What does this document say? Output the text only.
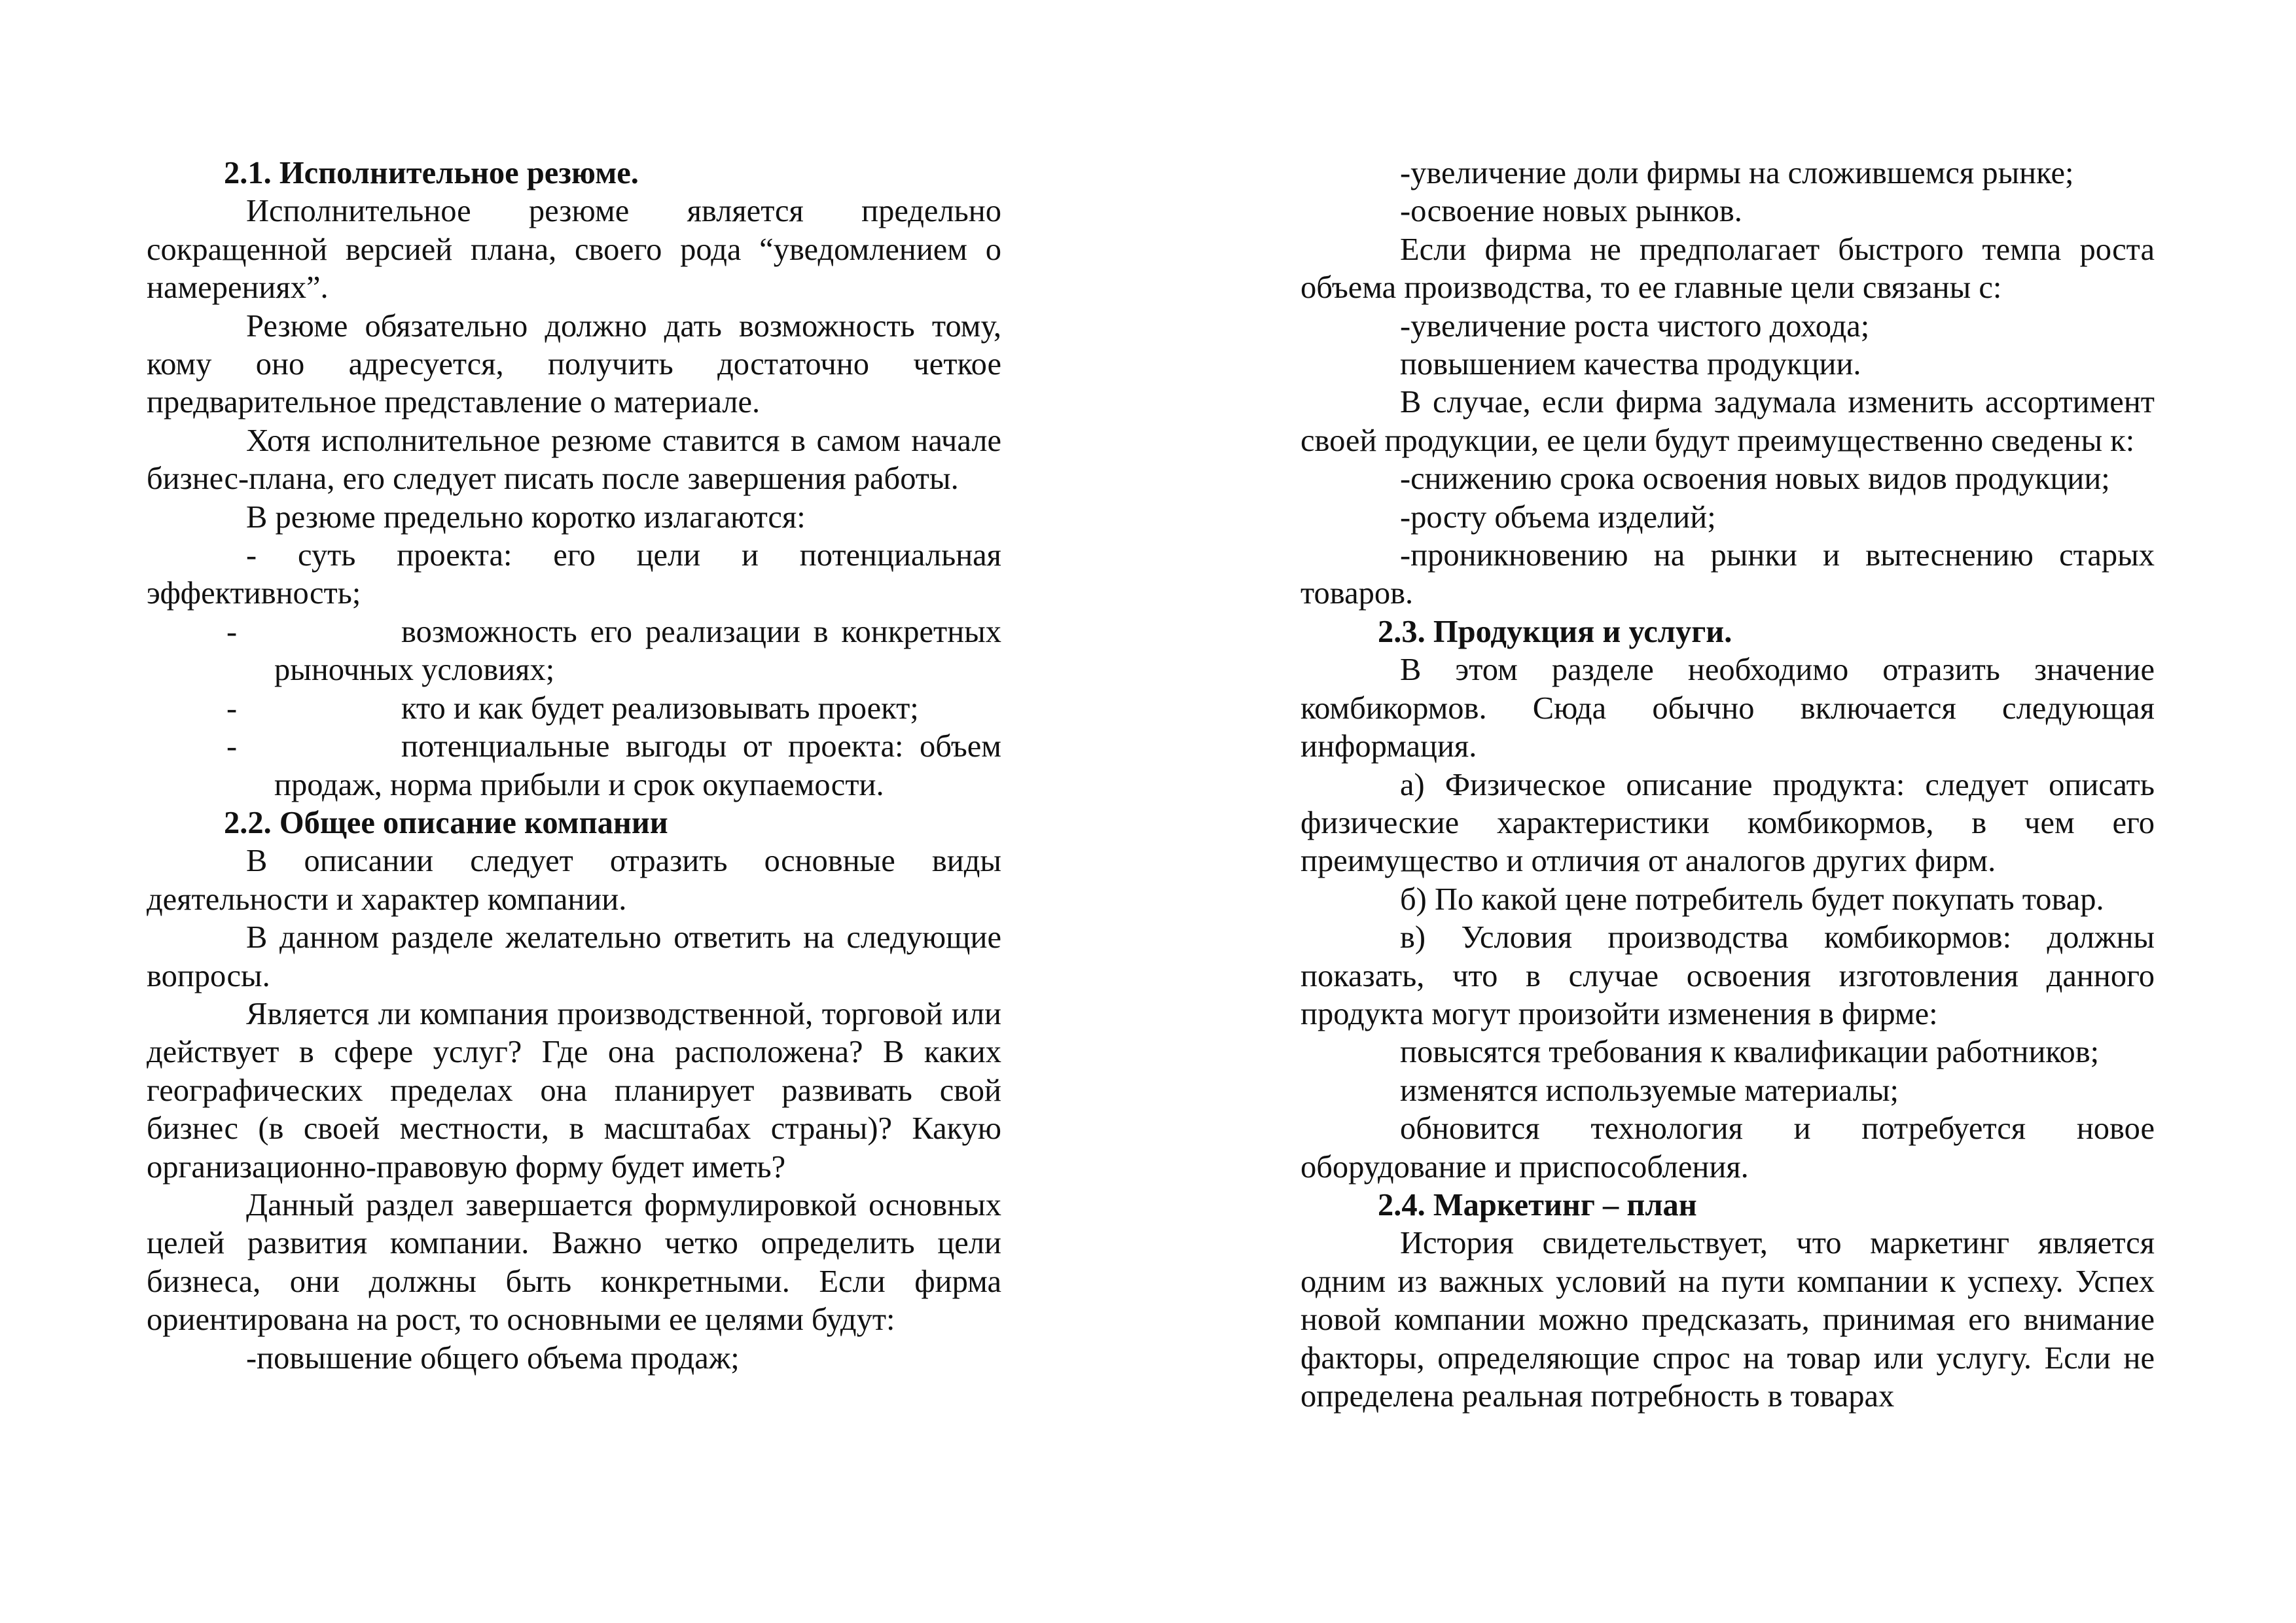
2.1. Исполнительное резюме.

Исполнительное резюме является предельно сокращенной версией плана, своего рода “уведомлением о намерениях”.

Резюме обязательно должно дать возможность тому, кому оно адресуется, получить достаточно четкое предварительное представление о материале.

Хотя исполнительное резюме ставится в самом начале бизнес-плана, его следует писать после завершения работы.

В резюме предельно коротко излагаются:

- суть проекта: его цели и потенциальная эффективность;

-	возможность его реализации в конкретных рыночных условиях;
-	кто и как будет реализовывать проект;
-	потенциальные выгоды от проекта: объем продаж, норма прибыли и срок окупаемости.

2.2. Общее описание компании

В описании следует отразить основные виды деятельности и характер компании.

В данном разделе желательно ответить на следующие вопросы.

Является ли компания производственной, торговой или действует в сфере услуг? Где она расположена? В каких географических пределах она планирует развивать свой бизнес (в своей местности, в масштабах страны)? Какую организационно-правовую форму будет иметь?

Данный раздел завершается формулировкой основных целей развития компании. Важно четко определить цели бизнеса, они должны быть конкретными. Если фирма ориентирована на рост, то основными ее целями будут:

-повышение общего объема продаж;

-увеличение доли фирмы на сложившемся рынке;

-освоение новых рынков.

Если фирма не предполагает быстрого темпа роста объема производства, то ее главные цели связаны с:

-увеличение роста чистого дохода;

повышением качества продукции.

В случае, если фирма задумала изменить ассортимент своей продукции, ее цели будут преимущественно сведены к:

-снижению срока освоения новых видов продукции;

-росту объема изделий;

-проникновению на рынки и вытеснению старых товаров.

2.3. Продукция и услуги.

В этом разделе необходимо отразить значение комбикормов. Сюда обычно включается следующая информация.

а) Физическое описание продукта: следует описать физические характеристики комбикормов, в чем его преимущество и отличия от аналогов других фирм.

б) По какой цене потребитель будет покупать товар.

в) Условия производства комбикормов: должны показать, что в случае освоения изготовления данного продукта могут произойти изменения в фирме:

повысятся требования к квалификации работников;

изменятся используемые материалы;

обновится технология и потребуется новое оборудование и приспособления.

2.4. Маркетинг – план

История свидетельствует, что маркетинг является одним из важных условий на пути компании к успеху. Успех новой компании можно предсказать, принимая его внимание факторы, определяющие спрос на товар или услугу. Если не определена реальная потребность в товарах
